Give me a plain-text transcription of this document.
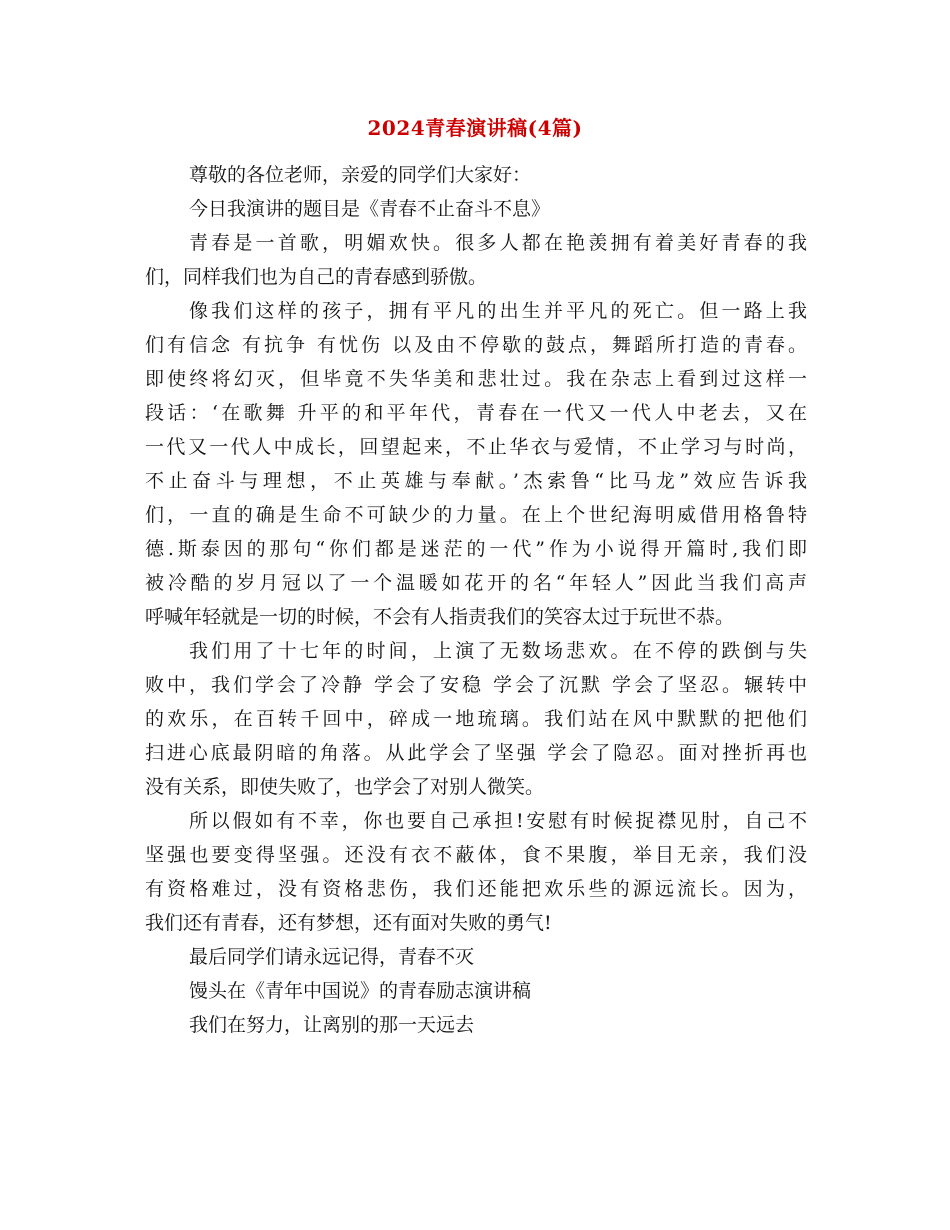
2024青春演讲稿(4篇)
尊敬的各位老师，亲爱的同学们大家好：
今日我演讲的题目是《青春不止奋斗不息》
青春是一首歌，明媚欢快。很多人都在艳羡拥有着美好青春的我
们，同样我们也为自己的青春感到骄傲。
像我们这样的孩子，拥有平凡的出生并平凡的死亡。但一路上我
们有信念 有抗争 有忧伤 以及由不停歇的鼓点，舞蹈所打造的青春。
即使终将幻灭，但毕竟不失华美和悲壮过。我在杂志上看到过这样一
段话：‘在歌舞 升平的和平年代，青春在一代又一代人中老去，又在
一代又一代人中成长，回望起来，不止华衣与爱情，不止学习与时尚，
不止奋斗与理想，不止英雄与奉献。’杰索鲁“比马龙”效应告诉我
们，一直的确是生命不可缺少的力量。在上个世纪海明威借用格鲁特
德.斯泰因的那句“你们都是迷茫的一代”作为小说得开篇时,我们即
被冷酷的岁月冠以了一个温暖如花开的名“年轻人”因此当我们高声
呼喊年轻就是一切的时候，不会有人指责我们的笑容太过于玩世不恭。
我们用了十七年的时间，上演了无数场悲欢。在不停的跌倒与失
败中，我们学会了冷静 学会了安稳 学会了沉默 学会了坚忍。辗转中
的欢乐，在百转千回中，碎成一地琉璃。我们站在风中默默的把他们
扫进心底最阴暗的角落。从此学会了坚强 学会了隐忍。面对挫折再也
没有关系，即使失败了，也学会了对别人微笑。
所以假如有不幸，你也要自己承担!安慰有时候捉襟见肘，自己不
坚强也要变得坚强。还没有衣不蔽体，食不果腹，举目无亲，我们没
有资格难过，没有资格悲伤，我们还能把欢乐些的源远流长。因为，
我们还有青春，还有梦想，还有面对失败的勇气!
最后同学们请永远记得，青春不灭
馒头在《青年中国说》的青春励志演讲稿
我们在努力，让离别的那一天远去
